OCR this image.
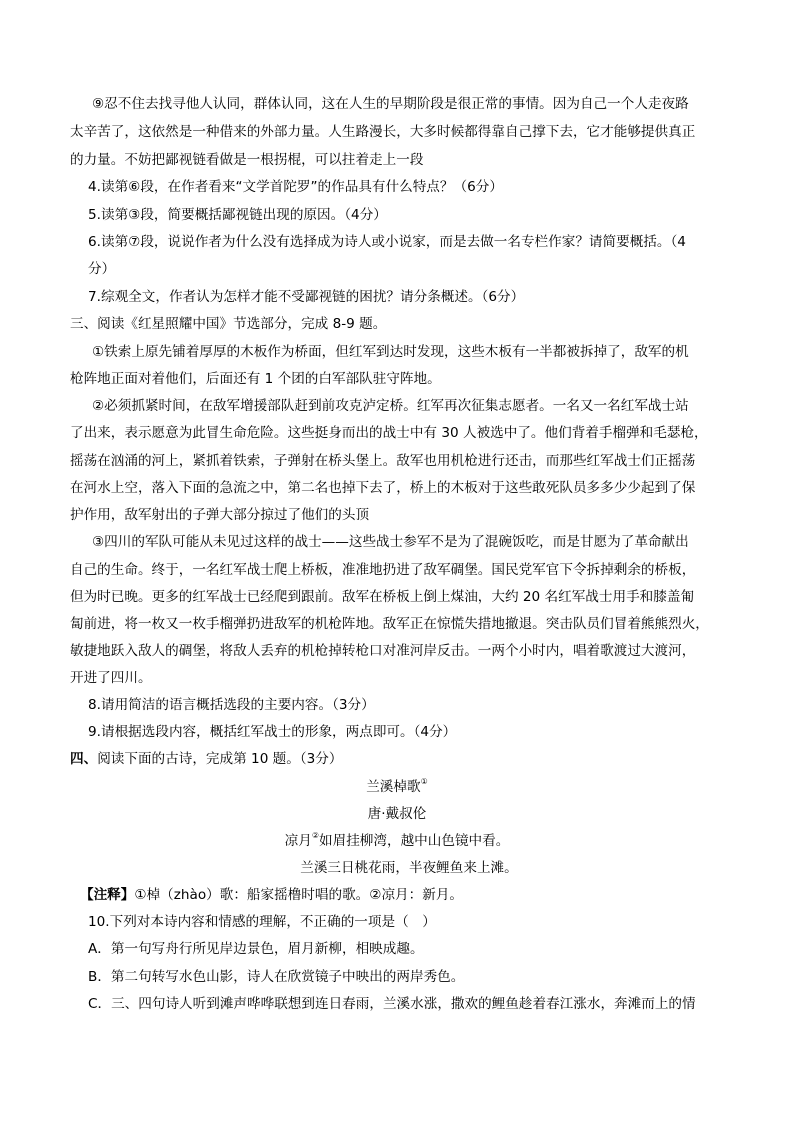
⑨忍不住去找寻他人认同，群体认同，这在人生的早期阶段是很正常的事情。因为自己一个人走夜路
太辛苦了，这依然是一种借来的外部力量。人生路漫长，大多时候都得靠自己撑下去，它才能够提供真正
的力量。不妨把鄙视链看做是一根拐棍，可以拄着走上一段
4.读第⑥段，在作者看来“文学首陀罗”的作品具有什么特点？（6分）
5.读第③段，简要概括鄙视链出现的原因。（4分）
6.读第⑦段，说说作者为什么没有选择成为诗人或小说家，而是去做一名专栏作家？请简要概括。（4
分）
7.综观全文，作者认为怎样才能不受鄙视链的困扰？请分条概述。（6分）
三、阅读《红星照耀中国》节选部分，完成 8-9 题。
①铁索上原先铺着厚厚的木板作为桥面，但红军到达时发现，这些木板有一半都被拆掉了，敌军的机
枪阵地正面对着他们，后面还有 1 个团的白军部队驻守阵地。
②必须抓紧时间，在敌军增援部队赶到前攻克泸定桥。红军再次征集志愿者。一名又一名红军战士站
了出来，表示愿意为此冒生命危险。这些挺身而出的战士中有 30 人被选中了。他们背着手榴弹和毛瑟枪，
摇荡在汹涌的河上，紧抓着铁索，子弹射在桥头堡上。敌军也用机枪进行还击，而那些红军战士们正摇荡
在河水上空，落入下面的急流之中，第二名也掉下去了，桥上的木板对于这些敢死队员多多少少起到了保
护作用，敌军射出的子弹大部分掠过了他们的头顶
③四川的军队可能从未见过这样的战士——这些战士参军不是为了混碗饭吃，而是甘愿为了革命献出
自己的生命。终于，一名红军战士爬上桥板，准准地扔进了敌军碉堡。国民党军官下令拆掉剩余的桥板，
但为时已晚。更多的红军战士已经爬到跟前。敌军在桥板上倒上煤油，大约 20 名红军战士用手和膝盖匍
匐前进，将一枚又一枚手榴弹扔进敌军的机枪阵地。敌军正在惊慌失措地撤退。突击队员们冒着熊熊烈火，
敏捷地跃入敌人的碉堡，将敌人丢弃的机枪掉转枪口对准河岸反击。一两个小时内，唱着歌渡过大渡河，
开进了四川。
8.请用简洁的语言概括选段的主要内容。（3分）
9.请根据选段内容，概括红军战士的形象，两点即可。（4分）
四、阅读下面的古诗，完成第 10 题。（3分）
兰溪棹歌①
唐·戴叔伦
凉月②如眉挂柳湾，越中山色镜中看。
兰溪三日桃花雨，半夜鲤鱼来上滩。
【注释】①棹（zhào）歌：船家摇橹时唱的歌。②凉月：新月。
10.下列对本诗内容和情感的理解，不正确的一项是（　）
A．第一句写舟行所见岸边景色，眉月新柳，相映成趣。
B．第二句转写水色山影，诗人在欣赏镜子中映出的两岸秀色。
C．三、四句诗人听到滩声哗哗联想到连日春雨，兰溪水涨，撒欢的鲤鱼趁着春江涨水，奔滩而上的情
